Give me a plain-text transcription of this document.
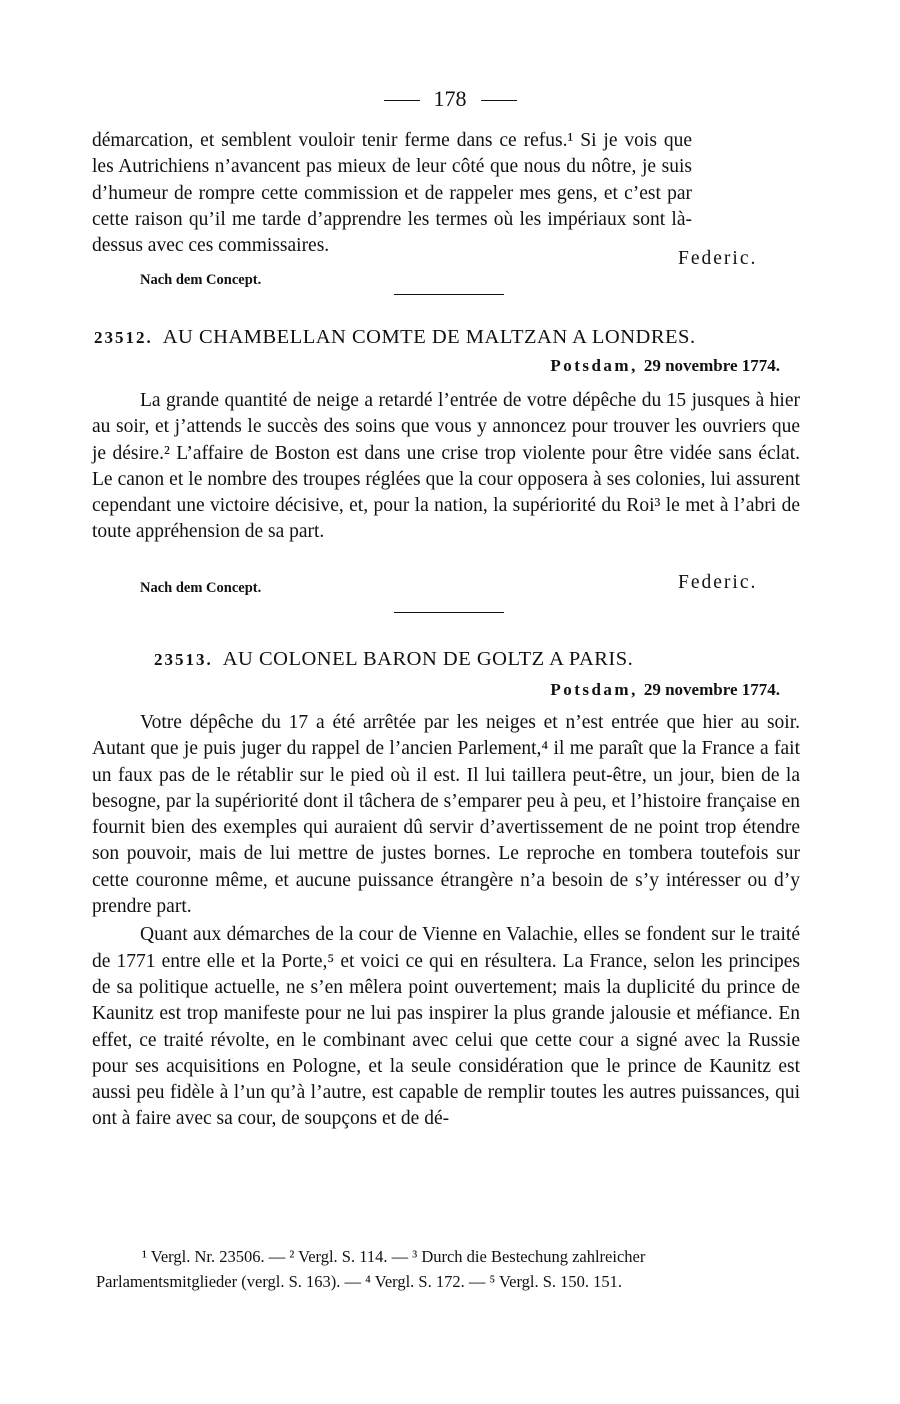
178

démarcation, et semblent vouloir tenir ferme dans ce refus.¹ Si je vois que les Autrichiens n’avancent pas mieux de leur côté que nous du nôtre, je suis d’humeur de rompre cette commission et de rappeler mes gens, et c’est par cette raison qu’il me tarde d’apprendre les termes où les impériaux sont là-dessus avec ces commissaires.

Federic.
Nach dem Concept.
23512. AU CHAMBELLAN COMTE DE MALTZAN A LONDRES.
Potsdam, 29 novembre 1774.

La grande quantité de neige a retardé l’entrée de votre dépêche du 15 jusques à hier au soir, et j’attends le succès des soins que vous y annoncez pour trouver les ouvriers que je désire.² L’affaire de Boston est dans une crise trop violente pour être vidée sans éclat. Le canon et le nombre des troupes réglées que la cour opposera à ses colonies, lui assurent cependant une victoire décisive, et, pour la nation, la supériorité du Roi³ le met à l’abri de toute appréhension de sa part.

Nach dem Concept.	Federic.
23513. AU COLONEL BARON DE GOLTZ A PARIS.
Potsdam, 29 novembre 1774.

Votre dépêche du 17 a été arrêtée par les neiges et n’est entrée que hier au soir. Autant que je puis juger du rappel de l’ancien Parlement,⁴ il me paraît que la France a fait un faux pas de le rétablir sur le pied où il est. Il lui taillera peut-être, un jour, bien de la besogne, par la supériorité dont il tâchera de s’emparer peu à peu, et l’histoire française en fournit bien des exemples qui auraient dû servir d’avertissement de ne point trop étendre son pouvoir, mais de lui mettre de justes bornes. Le reproche en tombera toutefois sur cette couronne même, et aucune puissance étrangère n’a besoin de s’y intéresser ou d’y prendre part.

Quant aux démarches de la cour de Vienne en Valachie, elles se fondent sur le traité de 1771 entre elle et la Porte,⁵ et voici ce qui en résultera. La France, selon les principes de sa politique actuelle, ne s’en mêlera point ouvertement; mais la duplicité du prince de Kaunitz est trop manifeste pour ne lui pas inspirer la plus grande jalousie et méfiance. En effet, ce traité révolte, en le combinant avec celui que cette cour a signé avec la Russie pour ses acquisitions en Pologne, et la seule considération que le prince de Kaunitz est aussi peu fidèle à l’un qu’à l’autre, est capable de remplir toutes les autres puissances, qui ont à faire avec sa cour, de soupçons et de dé-

¹ Vergl. Nr. 23506. — ² Vergl. S. 114. — ³ Durch die Bestechung zahlreicher

Parlamentsmitglieder (vergl. S. 163). — ⁴ Vergl. S. 172. — ⁵ Vergl. S. 150. 151.
